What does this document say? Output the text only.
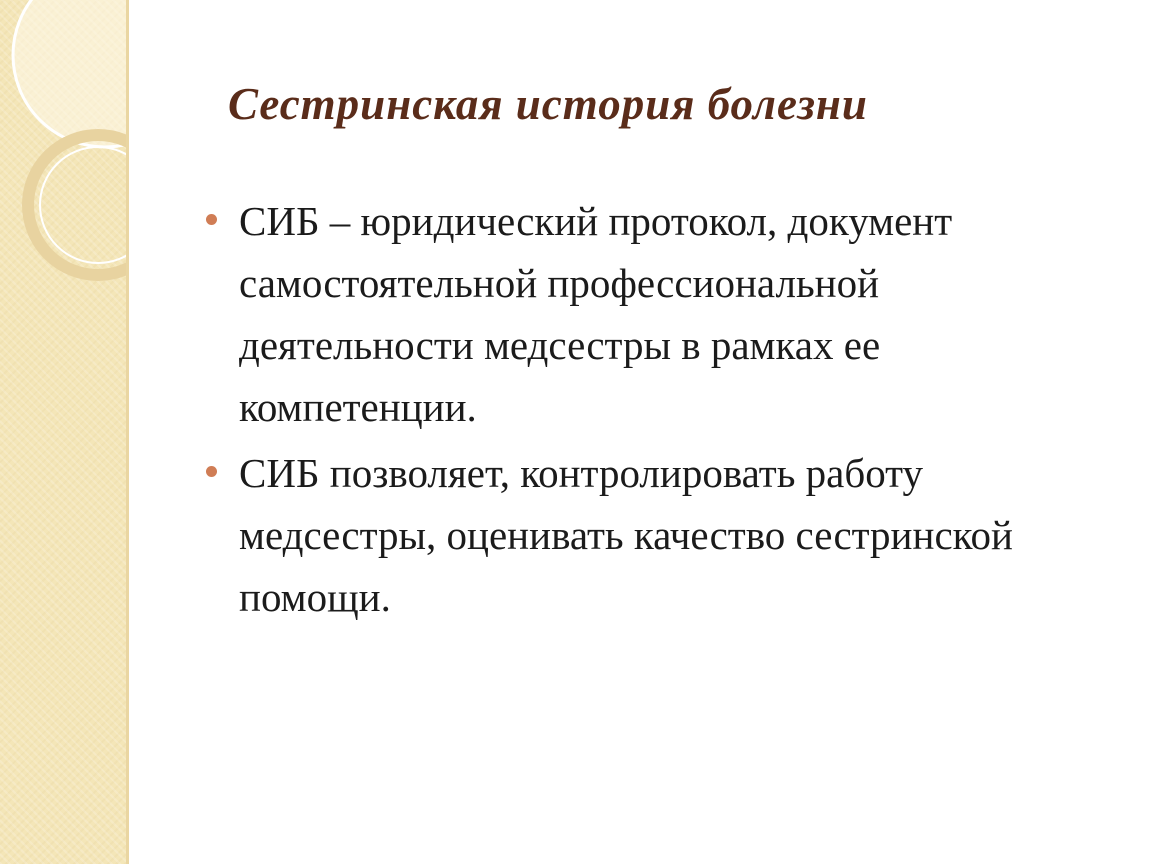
Сестринская история болезни
СИБ – юридический протокол, документ самостоятельной профессиональной деятельности медсестры в рамках ее компетенции.
СИБ позволяет, контролировать работу медсестры, оценивать качество сестринской помощи.
